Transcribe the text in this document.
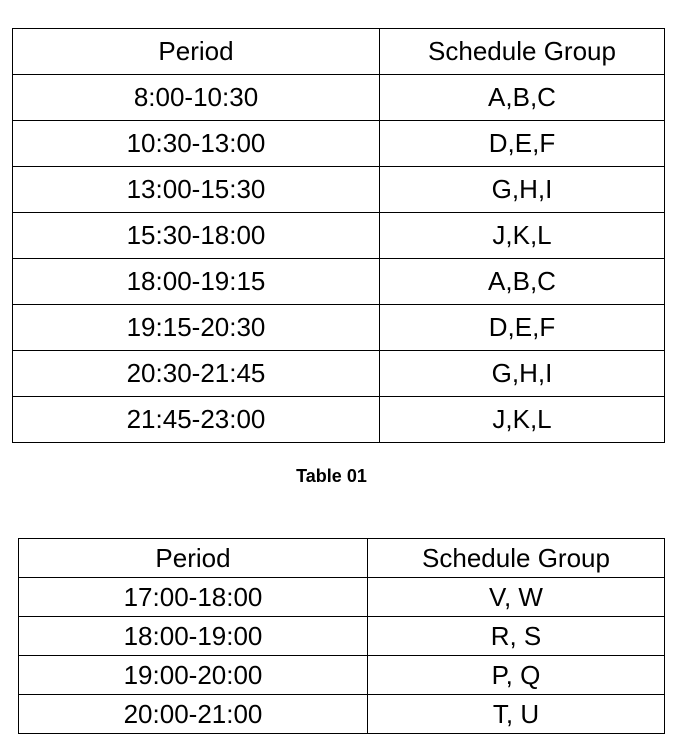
Period	Schedule Group
8:00-10:30	A,B,C
10:30-13:00	D,E,F
13:00-15:30	G,H,I
15:30-18:00	J,K,L
18:00-19:15	A,B,C
19:15-20:30	D,E,F
20:30-21:45	G,H,I
21:45-23:00	J,K,L
Table 01
Period	Schedule Group
17:00-18:00	V, W
18:00-19:00	R, S
19:00-20:00	P, Q
20:00-21:00	T, U
